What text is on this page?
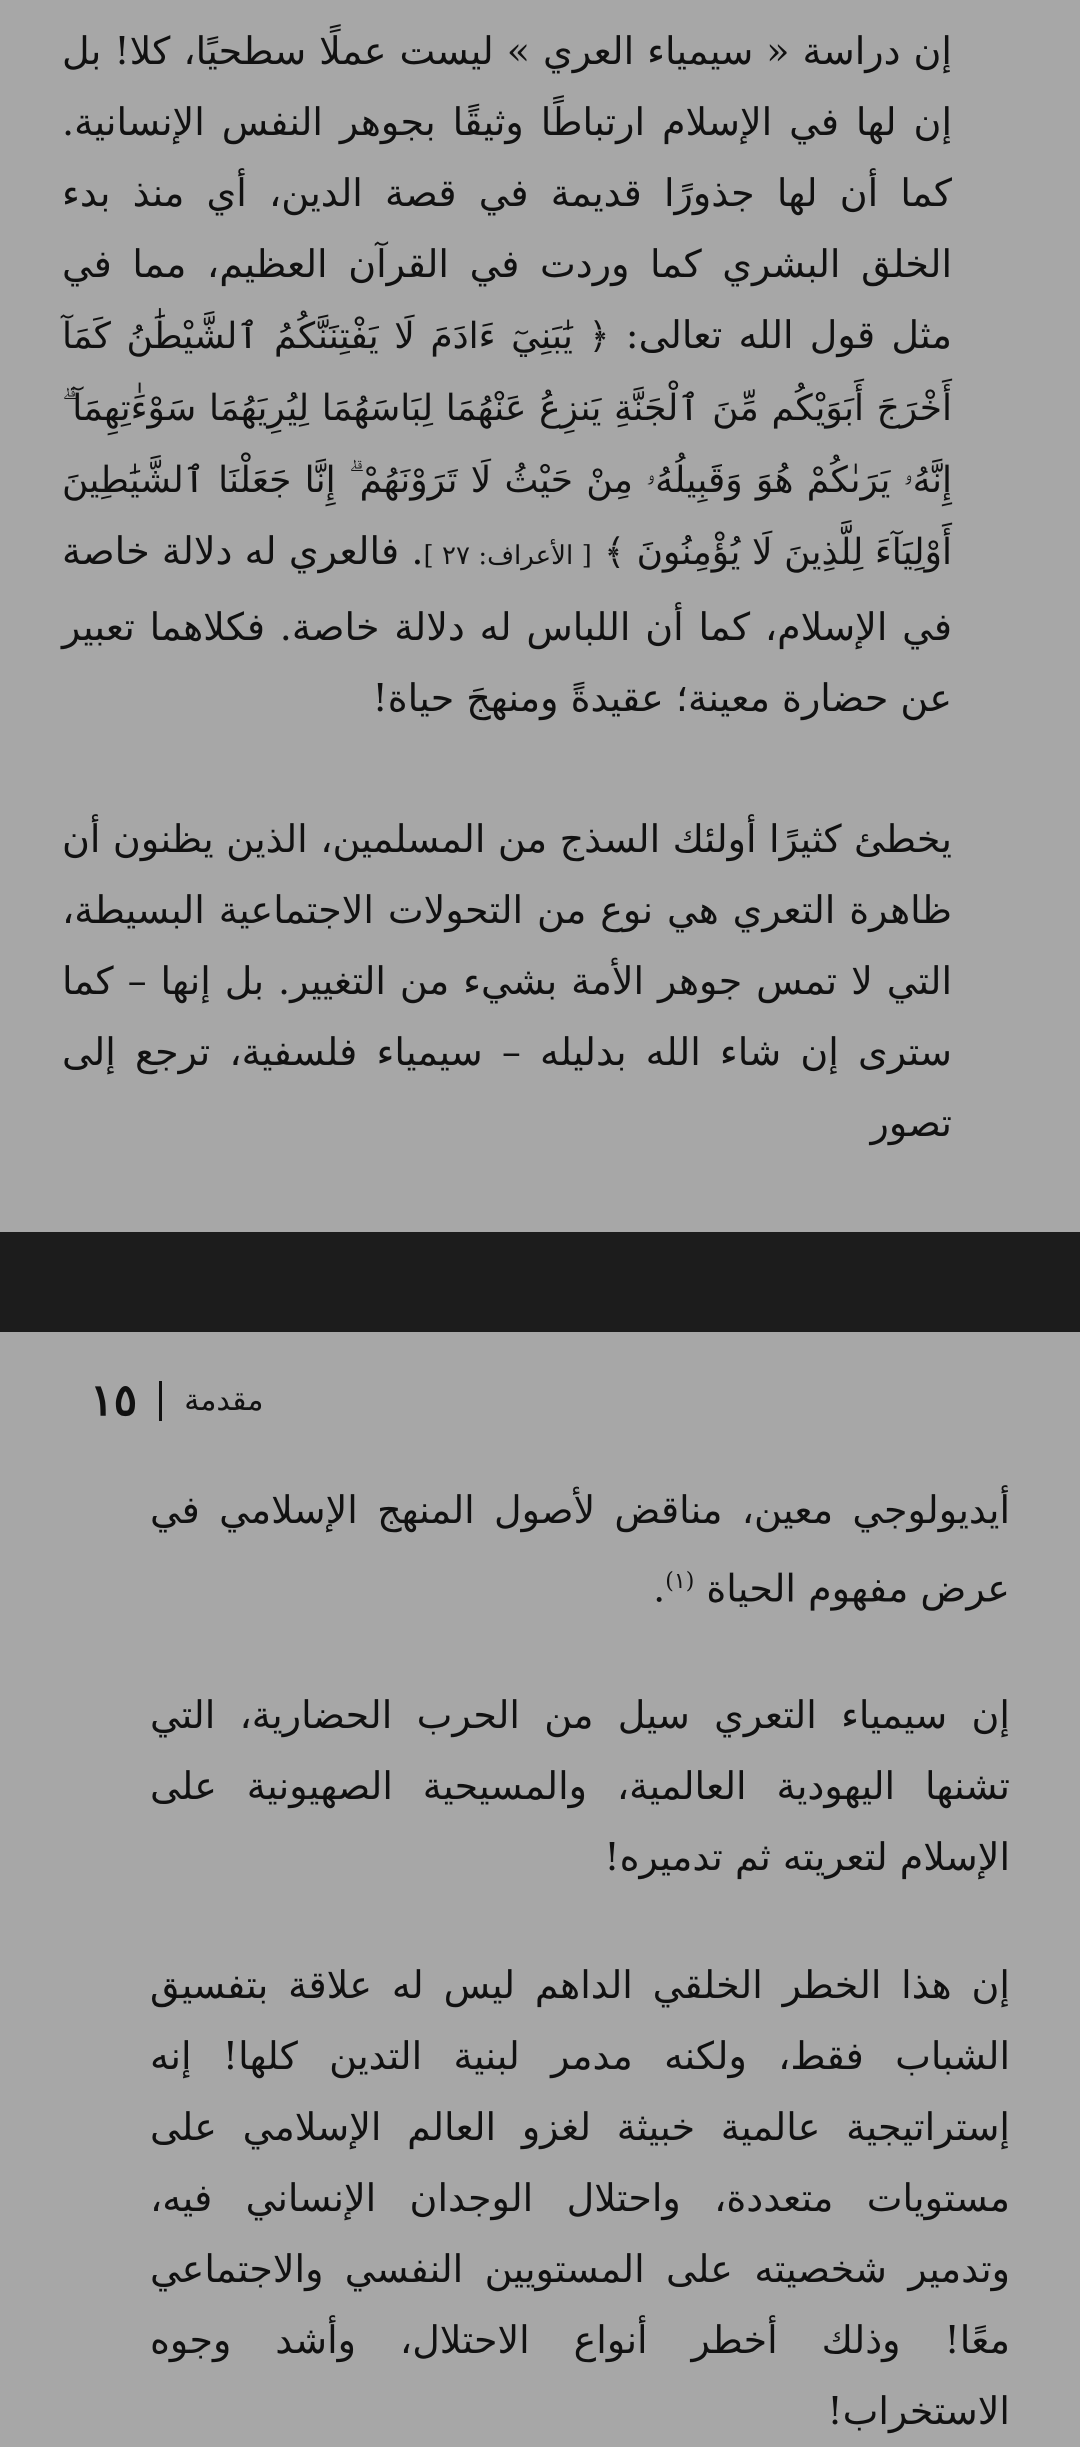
إن دراسة « سيمياء العري » ليست عملًا سطحيًا، كلا! بل إن لها في الإسلام ارتباطًا وثيقًا بجوهر النفس الإنسانية. كما أن لها جذورًا قديمة في قصة الدين، أي منذ بدء الخلق البشري كما وردت في القرآن العظيم، مما في مثل قول الله تعالى: ﴿ يَٰبَنِيٓ ءَادَمَ لَا يَفْتِنَنَّكُمُ ٱلشَّيْطَٰنُ كَمَآ أَخْرَجَ أَبَوَيْكُم مِّنَ ٱلْجَنَّةِ يَنزِعُ عَنْهُمَا لِبَاسَهُمَا لِيُرِيَهُمَا سَوْءَٰتِهِمَآ ۗ إِنَّهُۥ يَرَىٰكُمْ هُوَ وَقَبِيلُهُۥ مِنْ حَيْثُ لَا تَرَوْنَهُمْ ۗ إِنَّا جَعَلْنَا ٱلشَّيَٰطِينَ أَوْلِيَآءَ لِلَّذِينَ لَا يُؤْمِنُونَ ﴾ [ الأعراف: ٢٧ ]. فالعري له دلالة خاصة في الإسلام، كما أن اللباس له دلالة خاصة. فكلاهما تعبير عن حضارة معينة؛ عقيدةً ومنهجَ حياة!

يخطئ كثيرًا أولئك السذج من المسلمين، الذين يظنون أن ظاهرة التعري هي نوع من التحولات الاجتماعية البسيطة، التي لا تمس جوهر الأمة بشيء من التغيير. بل إنها – كما سترى إن شاء الله بدليله – سيمياء فلسفية، ترجع إلى تصور

مقدمة
١٥

أيديولوجي معين، مناقض لأصول المنهج الإسلامي في عرض مفهوم الحياة $^{(١)}$.

إن سيمياء التعري سيل من الحرب الحضارية، التي تشنها اليهودية العالمية، والمسيحية الصهيونية على الإسلام لتعريته ثم تدميره!

إن هذا الخطر الخلقي الداهم ليس له علاقة بتفسيق الشباب فقط، ولكنه مدمر لبنية التدين كلها! إنه إستراتيجية عالمية خبيثة لغزو العالم الإسلامي على مستويات متعددة، واحتلال الوجدان الإنساني فيه، وتدمير شخصيته على المستويين النفسي والاجتماعي معًا! وذلك أخطر أنواع الاحتلال، وأشد وجوه الاستخراب!
